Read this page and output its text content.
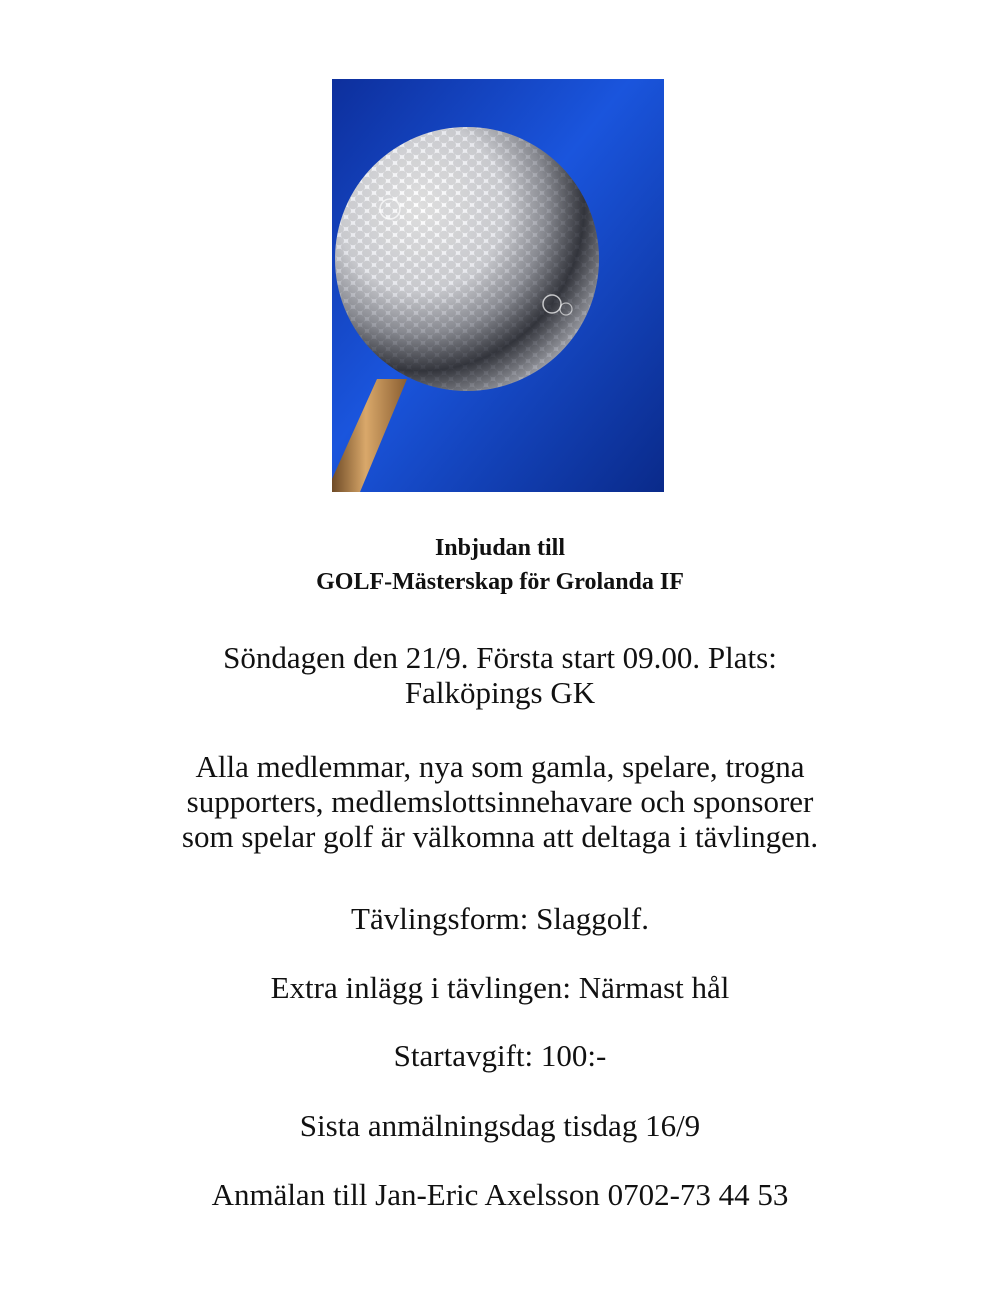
Inbjudan till
GOLF-Mästerskap för Grolanda IF

Söndagen den 21/9. Första start 09.00. Plats:
Falköpings GK

Alla medlemmar, nya som gamla, spelare, trogna
supporters, medlemslottsinnehavare och sponsorer
som spelar golf är välkomna att deltaga i tävlingen.

Tävlingsform: Slaggolf.

Extra inlägg i tävlingen: Närmast hål

Startavgift: 100:-

Sista anmälningsdag tisdag 16/9

Anmälan till Jan-Eric Axelsson 0702-73 44 53
